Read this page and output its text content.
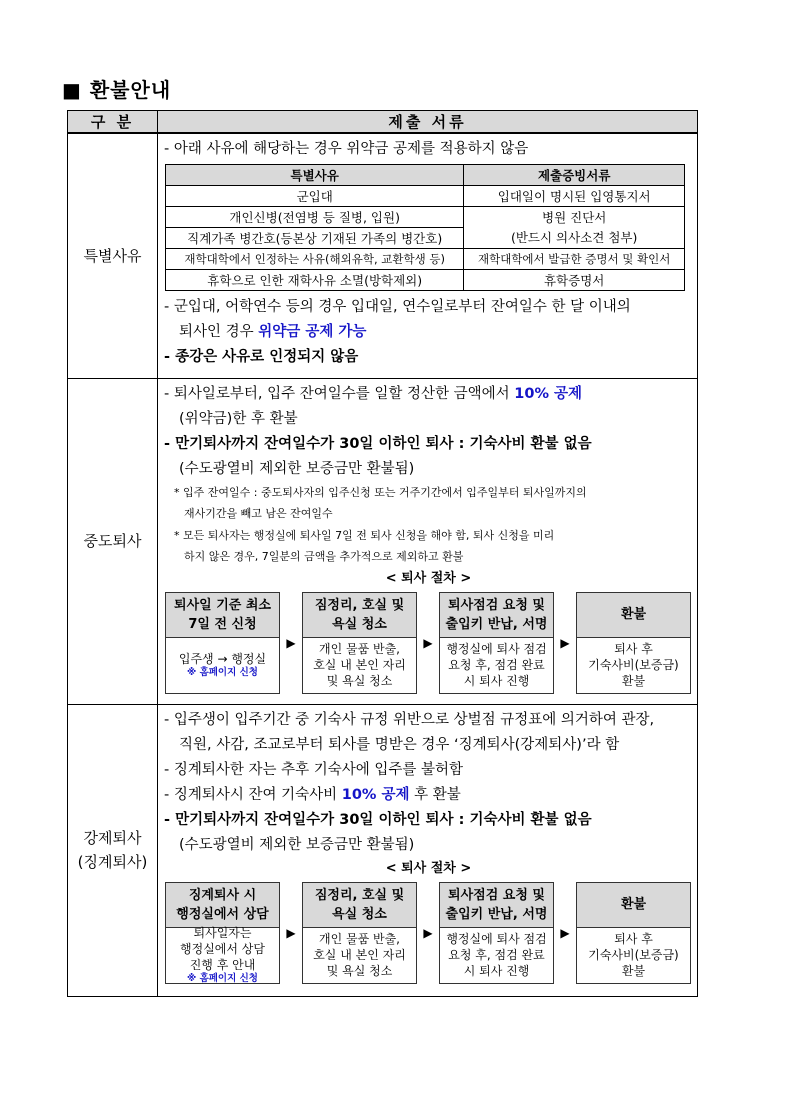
■ 환불안내
구 분	제출 서류
특별사유	
- 아래 사유에 해당하는 경우 위약금 공제를 적용하지 않음
특별사유	제출증빙서류
군입대	입대일이 명시된 입영통지서
개인신병(전염병 등 질병, 입원)	병원 진단서
(반드시 의사소견 첨부)
직계가족 병간호(등본상 기재된 가족의 병간호)
재학대학에서 인정하는 사유(해외유학, 교환학생 등)	재학대학에서 발급한 증명서 및 확인서
휴학으로 인한 재학사유 소멸(방학제외)	휴학증명서
- 군입대, 어학연수 등의 경우 입대일, 연수일로부터 잔여일수 한 달 이내의
퇴사인 경우 위약금 공제 가능
- 종강은 사유로 인정되지 않음

중도퇴사	
- 퇴사일로부터, 입주 잔여일수를 일할 정산한 금액에서 10% 공제
(위약금)한 후 환불
- 만기퇴사까지 잔여일수가 30일 이하인 퇴사 : 기숙사비 환불 없음
(수도광열비 제외한 보증금만 환불됨)
* 입주 잔여일수 : 중도퇴사자의 입주신청 또는 거주기간에서 입주일부터 퇴사일까지의
재사기간을 빼고 남은 잔여일수
* 모든 퇴사자는 행정실에 퇴사일 7일 전 퇴사 신청을 해야 함, 퇴사 신청을 미리
하지 않은 경우, 7일분의 금액을 추가적으로 제외하고 환불
< 퇴사 절차 >
퇴사일 기준 최소
7일 전 신청
입주생 → 행정실
※ 홈페이지 신청
▶
짐정리, 호실 및
욕실 청소
개인 물품 반출,
호실 내 본인 자리
및 욕실 청소
▶
퇴사점검 요청 및
출입키 반납, 서명
행정실에 퇴사 점검
요청 후, 점검 완료
시 퇴사 진행
▶
환불
퇴사 후
기숙사비(보증금)
환불

강제퇴사
(징계퇴사)	
- 입주생이 입주기간 중 기숙사 규정 위반으로 상벌점 규정표에 의거하여 관장,
직원, 사감, 조교로부터 퇴사를 명받은 경우 ‘징계퇴사(강제퇴사)’라 함
- 징계퇴사한 자는 추후 기숙사에 입주를 불허함
- 징계퇴사시 잔여 기숙사비 10% 공제 후 환불
- 만기퇴사까지 잔여일수가 30일 이하인 퇴사 : 기숙사비 환불 없음
(수도광열비 제외한 보증금만 환불됨)
< 퇴사 절차 >
징계퇴사 시
행정실에서 상담
퇴사일자는
행정실에서 상담
진행 후 안내
※ 홈페이지 신청
▶
짐정리, 호실 및
욕실 청소
개인 물품 반출,
호실 내 본인 자리
및 욕실 청소
▶
퇴사점검 요청 및
출입키 반납, 서명
행정실에 퇴사 점검
요청 후, 점검 완료
시 퇴사 진행
▶
환불
퇴사 후
기숙사비(보증금)
환불
